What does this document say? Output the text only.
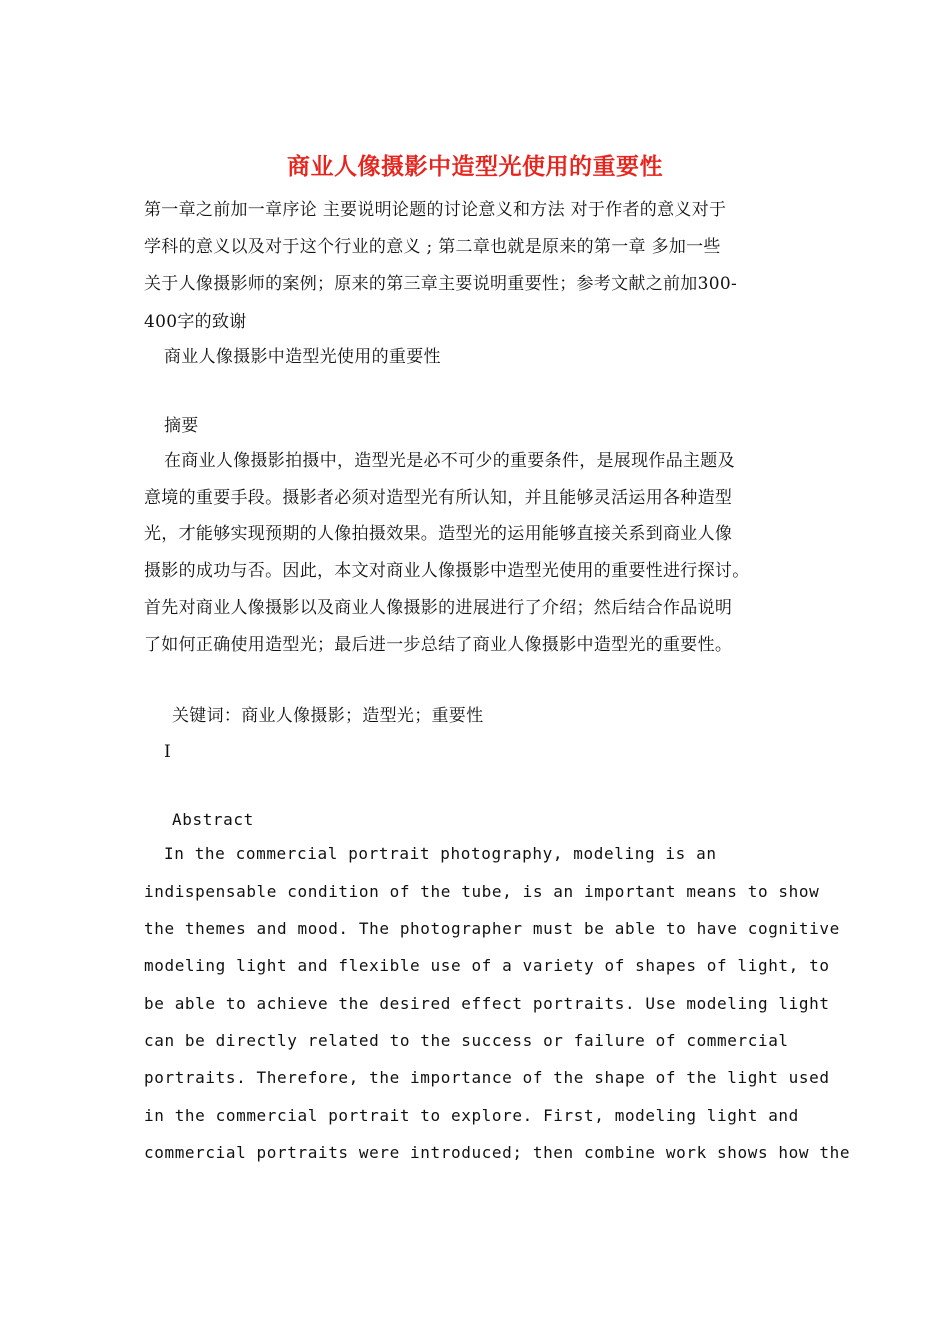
商业人像摄影中造型光使用的重要性
第一章之前加一章序论 主要说明论题的讨论意义和方法 对于作者的意义对于
学科的意义以及对于这个行业的意义 ; 第二章也就是原来的第一章 多加一些
关于人像摄影师的案例；原来的第三章主要说明重要性；参考文献之前加300-
400字的致谢
商业人像摄影中造型光使用的重要性
摘要
在商业人像摄影拍摄中，造型光是必不可少的重要条件，是展现作品主题及
意境的重要手段。摄影者必须对造型光有所认知，并且能够灵活运用各种造型
光，才能够实现预期的人像拍摄效果。造型光的运用能够直接关系到商业人像
摄影的成功与否。因此，本文对商业人像摄影中造型光使用的重要性进行探讨。
首先对商业人像摄影以及商业人像摄影的进展进行了介绍；然后结合作品说明
了如何正确使用造型光；最后进一步总结了商业人像摄影中造型光的重要性。
关键词：商业人像摄影；造型光；重要性
I
Abstract
In the commercial portrait photography, modeling is an
indispensable condition of the tube, is an important means to show
the themes and mood. The photographer must be able to have cognitive
modeling light and flexible use of a variety of shapes of light, to
be able to achieve the desired effect portraits. Use modeling light
can be directly related to the success or failure of commercial
portraits. Therefore, the importance of the shape of the light used
in the commercial portrait to explore. First, modeling light and
commercial portraits were introduced; then combine work shows how the
